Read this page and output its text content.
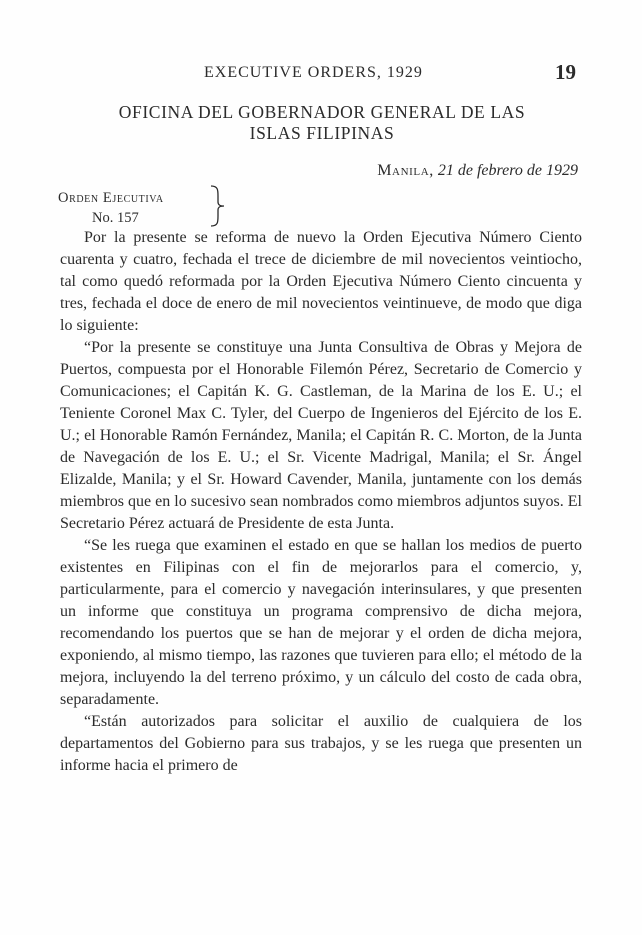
EXECUTIVE ORDERS, 1929	19
OFICINA DEL GOBERNADOR GENERAL DE LAS
ISLAS FILIPINAS
Manila, 21 de febrero de 1929
Orden Ejecutiva
No. 157

Por la presente se reforma de nuevo la Orden Ejecutiva Número Ciento cuarenta y cuatro, fechada el trece de diciembre de mil novecientos veintiocho, tal como quedó reformada por la Orden Ejecutiva Número Ciento cincuenta y tres, fechada el doce de enero de mil novecientos veintinueve, de modo que diga lo siguiente:

“Por la presente se constituye una Junta Consultiva de Obras y Mejora de Puertos, compuesta por el Honorable Filemón Pérez, Secretario de Comercio y Comunicaciones; el Capitán K. G. Castleman, de la Marina de los E. U.; el Teniente Coronel Max C. Tyler, del Cuerpo de Ingenieros del Ejército de los E. U.; el Honorable Ramón Fernández, Manila; el Capitán R. C. Morton, de la Junta de Navegación de los E. U.; el Sr. Vicente Madrigal, Manila; el Sr. Ángel Elizalde, Manila; y el Sr. Howard Cavender, Manila, juntamente con los demás miembros que en lo sucesivo sean nombrados como miembros adjuntos suyos. El Secretario Pérez actuará de Presidente de esta Junta.

“Se les ruega que examinen el estado en que se hallan los medios de puerto existentes en Filipinas con el fin de mejorarlos para el comercio, y, particularmente, para el comercio y navegación interinsulares, y que presenten un informe que constituya un programa comprensivo de dicha mejora, recomendando los puertos que se han de mejorar y el orden de dicha mejora, exponiendo, al mismo tiempo, las razones que tuvieren para ello; el método de la mejora, incluyendo la del terreno próximo, y un cálculo del costo de cada obra, separadamente.

“Están autorizados para solicitar el auxilio de cualquiera de los departamentos del Gobierno para sus trabajos, y se les ruega que presenten un informe hacia el primero de
